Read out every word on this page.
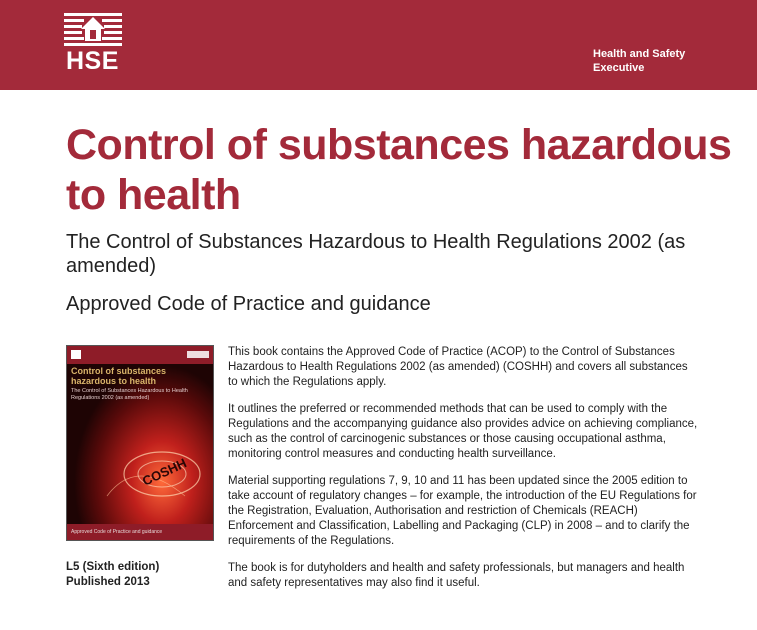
HSE	Health and Safety
Executive
Control of substances hazardous to health

The Control of Substances Hazardous to Health Regulations 2002 (as amended)

Approved Code of Practice and guidance

COSHH
Control of substances hazardous to health
The Control of Substances Hazardous to Health Regulations 2002 (as amended)
Approved Code of Practice and guidance
L5 (Sixth edition)
Published 2013

This book contains the Approved Code of Practice (ACOP) to the Control of Substances Hazardous to Health Regulations 2002 (as amended) (COSHH) and covers all substances to which the Regulations apply.

It outlines the preferred or recommended methods that can be used to comply with the Regulations and the accompanying guidance also provides advice on achieving compliance, such as the control of carcinogenic substances or those causing occupational asthma, monitoring control measures and conducting health surveillance.

Material supporting regulations 7, 9, 10 and 11 has been updated since the 2005 edition to take account of regulatory changes – for example, the introduction of the EU Regulations for the Registration, Evaluation, Authorisation and restriction of Chemicals (REACH) Enforcement and Classification, Labelling and Packaging (CLP) in 2008 – and to clarify the requirements of the Regulations.

The book is for dutyholders and health and safety professionals, but managers and health and safety representatives may also find it useful.
